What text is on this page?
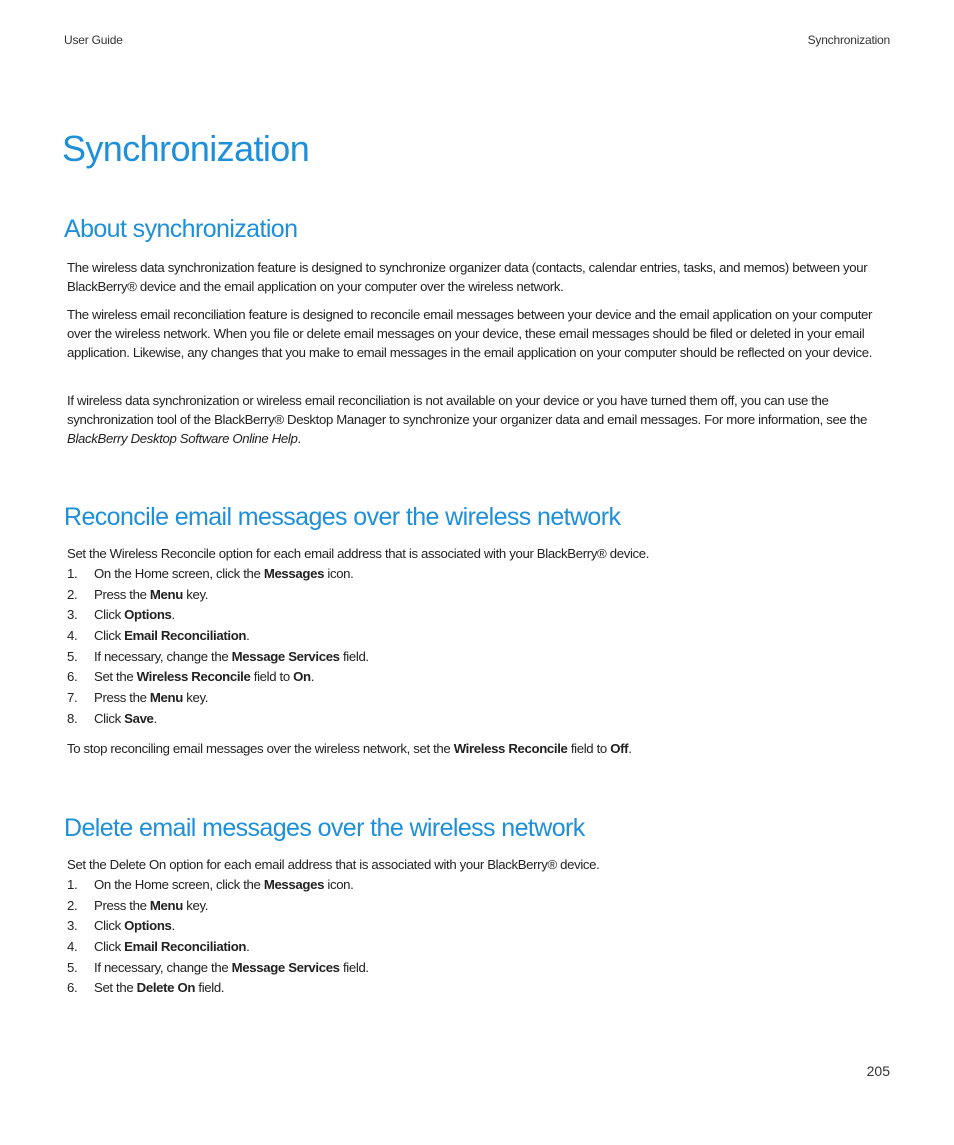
User Guide	Synchronization
Synchronization
About synchronization

The wireless data synchronization feature is designed to synchronize organizer data (contacts, calendar entries, tasks, and memos) between your BlackBerry® device and the email application on your computer over the wireless network.

The wireless email reconciliation feature is designed to reconcile email messages between your device and the email application on your computer over the wireless network. When you file or delete email messages on your device, these email messages should be filed or deleted in your email application. Likewise, any changes that you make to email messages in the email application on your computer should be reflected on your device.

If wireless data synchronization or wireless email reconciliation is not available on your device or you have turned them off, you can use the synchronization tool of the BlackBerry® Desktop Manager to synchronize your organizer data and email messages. For more information, see the BlackBerry Desktop Software Online Help.

Reconcile email messages over the wireless network

Set the Wireless Reconcile option for each email address that is associated with your BlackBerry® device.

1. On the Home screen, click the Messages icon.
2. Press the Menu key.
3. Click Options.
4. Click Email Reconciliation.
5. If necessary, change the Message Services field.
6. Set the Wireless Reconcile field to On.
7. Press the Menu key.
8. Click Save.

To stop reconciling email messages over the wireless network, set the Wireless Reconcile field to Off.

Delete email messages over the wireless network

Set the Delete On option for each email address that is associated with your BlackBerry® device.

1. On the Home screen, click the Messages icon.
2. Press the Menu key.
3. Click Options.
4. Click Email Reconciliation.
5. If necessary, change the Message Services field.
6. Set the Delete On field.
205
